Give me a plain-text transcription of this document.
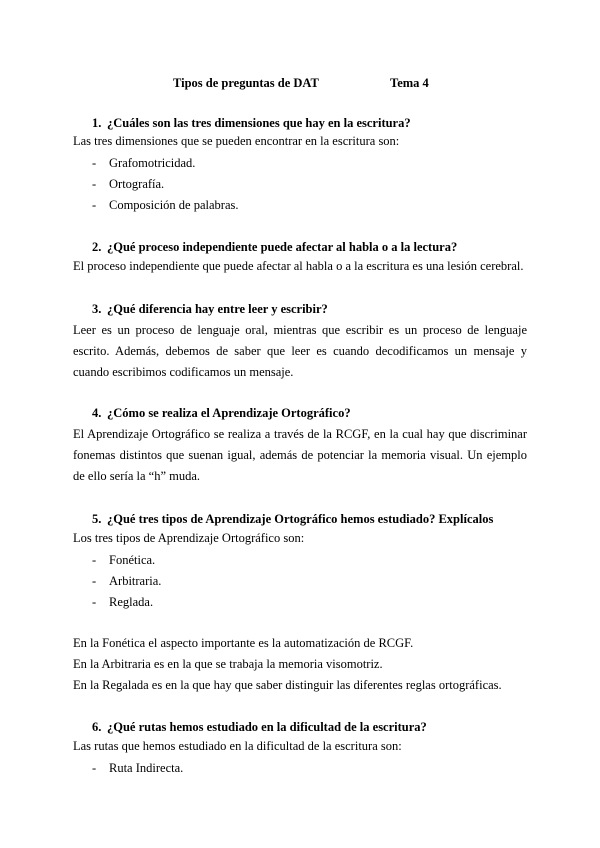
Tipos de preguntas de DAT	Tema 4
1. ¿Cuáles son las tres dimensiones que hay en la escritura?
Las tres dimensiones que se pueden encontrar en la escritura son:
- Grafomotricidad.
- Ortografía.
- Composición de palabras.
2. ¿Qué proceso independiente puede afectar al habla o a la lectura?
El proceso independiente que puede afectar al habla o a la escritura es una lesión cerebral.
3. ¿Qué diferencia hay entre leer y escribir?
Leer es un proceso de lenguaje oral, mientras que escribir es un proceso de lenguaje escrito. Además, debemos de saber que leer es cuando decodificamos un mensaje y cuando escribimos codificamos un mensaje.
4. ¿Cómo se realiza el Aprendizaje Ortográfico?
El Aprendizaje Ortográfico se realiza a través de la RCGF, en la cual hay que discriminar fonemas distintos que suenan igual, además de potenciar la memoria visual. Un ejemplo de ello sería la “h” muda.
5. ¿Qué tres tipos de Aprendizaje Ortográfico hemos estudiado? Explícalos
Los tres tipos de Aprendizaje Ortográfico son:
- Fonética.
- Arbitraria.
- Reglada.
En la Fonética el aspecto importante es la automatización de RCGF.
En la Arbitraria es en la que se trabaja la memoria visomotriz.
En la Regalada es en la que hay que saber distinguir las diferentes reglas ortográficas.
6. ¿Qué rutas hemos estudiado en la dificultad de la escritura?
Las rutas que hemos estudiado en la dificultad de la escritura son:
- Ruta Indirecta.
